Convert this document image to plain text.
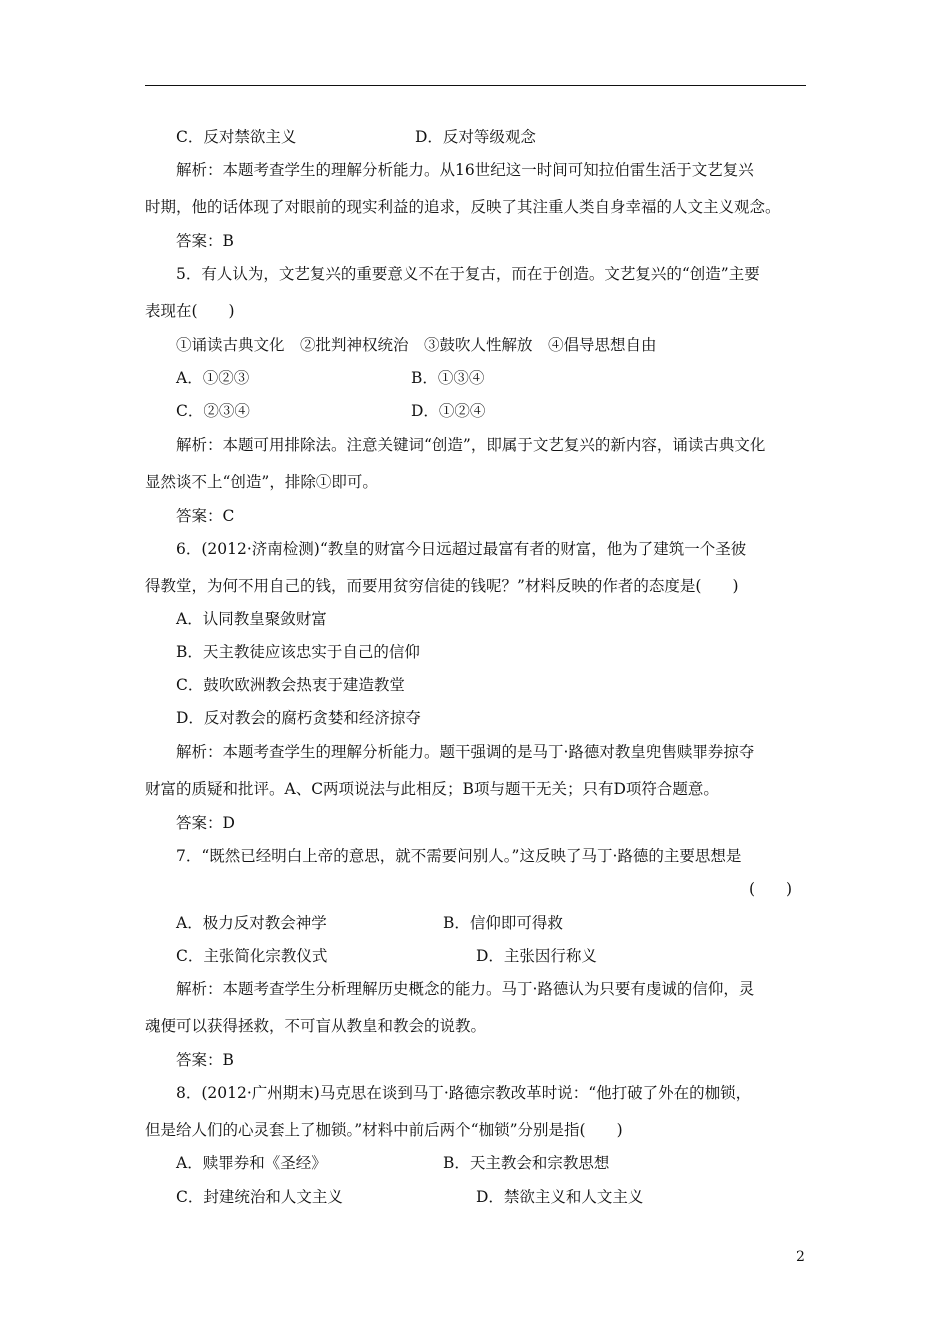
C．反对禁欲主义	D．反对等级观念
解析：本题考查学生的理解分析能力。从16世纪这一时间可知拉伯雷生活于文艺复兴
时期，他的话体现了对眼前的现实利益的追求，反映了其注重人类自身幸福的人文主义观念。
答案：B
5．有人认为，文艺复兴的重要意义不在于复古，而在于创造。文艺复兴的“创造”主要
表现在(　　)
①诵读古典文化　②批判神权统治　③鼓吹人性解放　④倡导思想自由
A．①②③	B．①③④
C．②③④	D．①②④
解析：本题可用排除法。注意关键词“创造”，即属于文艺复兴的新内容，诵读古典文化
显然谈不上“创造”，排除①即可。
答案：C
6．(2012·济南检测)“教皇的财富今日远超过最富有者的财富，他为了建筑一个圣彼
得教堂，为何不用自己的钱，而要用贫穷信徒的钱呢？”材料反映的作者的态度是(　　)
A．认同教皇聚敛财富
B．天主教徒应该忠实于自己的信仰
C．鼓吹欧洲教会热衷于建造教堂
D．反对教会的腐朽贪婪和经济掠夺
解析：本题考查学生的理解分析能力。题干强调的是马丁·路德对教皇兜售赎罪券掠夺
财富的质疑和批评。A、C两项说法与此相反；B项与题干无关；只有D项符合题意。
答案：D
7．“既然已经明白上帝的意思，就不需要问别人。”这反映了马丁·路德的主要思想是
(　　)
A．极力反对教会神学	B．信仰即可得救
C．主张简化宗教仪式	D．主张因行称义
解析：本题考查学生分析理解历史概念的能力。马丁·路德认为只要有虔诚的信仰，灵
魂便可以获得拯救，不可盲从教皇和教会的说教。
答案：B
8．(2012·广州期末)马克思在谈到马丁·路德宗教改革时说：“他打破了外在的枷锁，
但是给人们的心灵套上了枷锁。”材料中前后两个“枷锁”分别是指(　　)
A．赎罪券和《圣经》	B．天主教会和宗教思想
C．封建统治和人文主义	D．禁欲主义和人文主义
2
